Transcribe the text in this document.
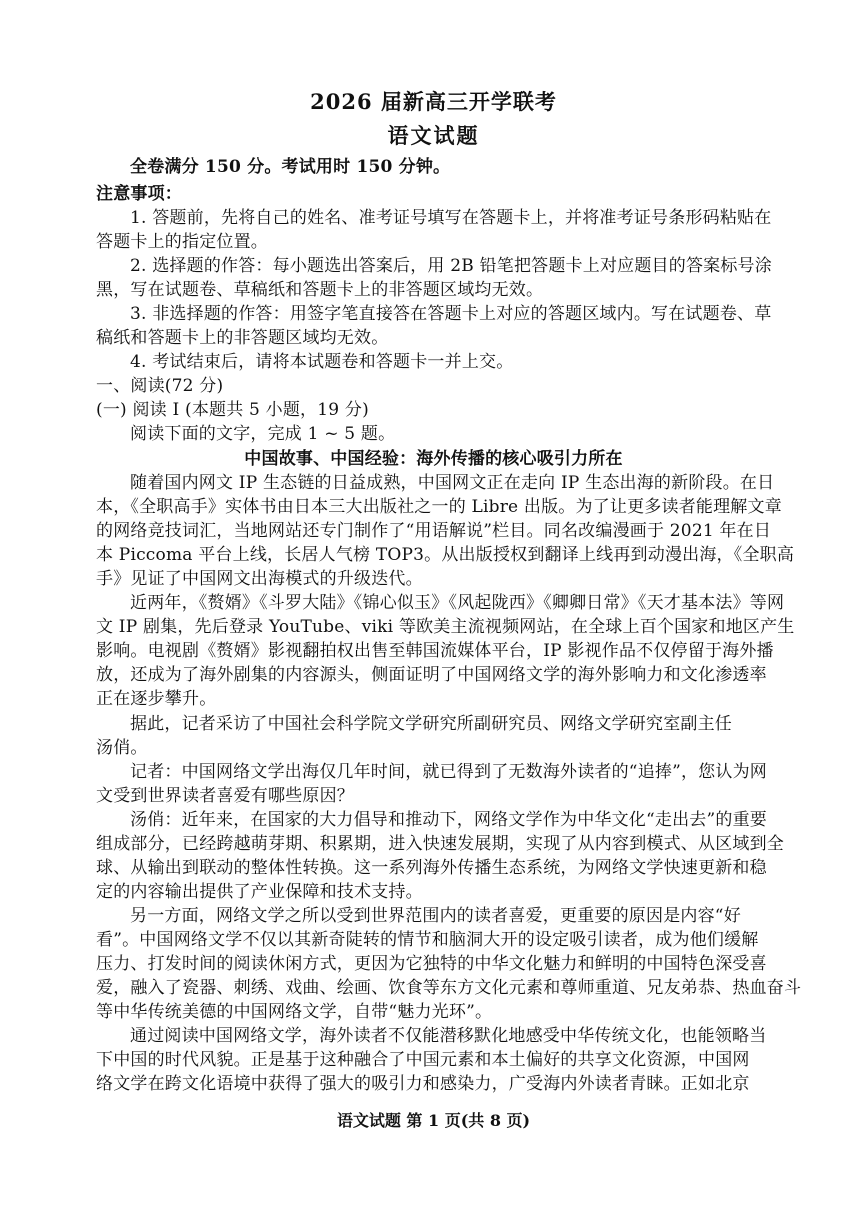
2026 届新高三开学联考
语文试题
全卷满分 150 分。考试用时 150 分钟。
注意事项：
1. 答题前，先将自己的姓名、准考证号填写在答题卡上，并将准考证号条形码粘贴在
答题卡上的指定位置。
2. 选择题的作答：每小题选出答案后，用 2B 铅笔把答题卡上对应题目的答案标号涂
黑，写在试题卷、草稿纸和答题卡上的非答题区域均无效。
3. 非选择题的作答：用签字笔直接答在答题卡上对应的答题区域内。写在试题卷、草
稿纸和答题卡上的非答题区域均无效。
4. 考试结束后，请将本试题卷和答题卡一并上交。
一、阅读(72 分)
(一) 阅读 I (本题共 5 小题，19 分)
阅读下面的文字，完成 1 ~ 5 题。
中国故事、中国经验：海外传播的核心吸引力所在
随着国内网文 IP 生态链的日益成熟，中国网文正在走向 IP 生态出海的新阶段。在日
本，《全职高手》实体书由日本三大出版社之一的 Libre 出版。为了让更多读者能理解文章
的网络竞技词汇，当地网站还专门制作了“用语解说”栏目。同名改编漫画于 2021 年在日
本 Piccoma 平台上线，长居人气榜 TOP3。从出版授权到翻译上线再到动漫出海，《全职高
手》见证了中国网文出海模式的升级迭代。
近两年，《赘婿》《斗罗大陆》《锦心似玉》《风起陇西》《卿卿日常》《天才基本法》等网
文 IP 剧集，先后登录 YouTube、viki 等欧美主流视频网站，在全球上百个国家和地区产生
影响。电视剧《赘婿》影视翻拍权出售至韩国流媒体平台，IP 影视作品不仅停留于海外播
放，还成为了海外剧集的内容源头，侧面证明了中国网络文学的海外影响力和文化渗透率
正在逐步攀升。
据此，记者采访了中国社会科学院文学研究所副研究员、网络文学研究室副主任
汤俏。
记者：中国网络文学出海仅几年时间，就已得到了无数海外读者的“追捧”，您认为网
文受到世界读者喜爱有哪些原因？
汤俏：近年来，在国家的大力倡导和推动下，网络文学作为中华文化“走出去”的重要
组成部分，已经跨越萌芽期、积累期，进入快速发展期，实现了从内容到模式、从区域到全
球、从输出到联动的整体性转换。这一系列海外传播生态系统，为网络文学快速更新和稳
定的内容输出提供了产业保障和技术支持。
另一方面，网络文学之所以受到世界范围内的读者喜爱，更重要的原因是内容“好
看”。中国网络文学不仅以其新奇陡转的情节和脑洞大开的设定吸引读者，成为他们缓解
压力、打发时间的阅读休闲方式，更因为它独特的中华文化魅力和鲜明的中国特色深受喜
爱，融入了瓷器、刺绣、戏曲、绘画、饮食等东方文化元素和尊师重道、兄友弟恭、热血奋斗
等中华传统美德的中国网络文学，自带“魅力光环”。
通过阅读中国网络文学，海外读者不仅能潜移默化地感受中华传统文化，也能领略当
下中国的时代风貌。正是基于这种融合了中国元素和本土偏好的共享文化资源，中国网
络文学在跨文化语境中获得了强大的吸引力和感染力，广受海内外读者青睐。正如北京
语文试题 第 1 页(共 8 页)
